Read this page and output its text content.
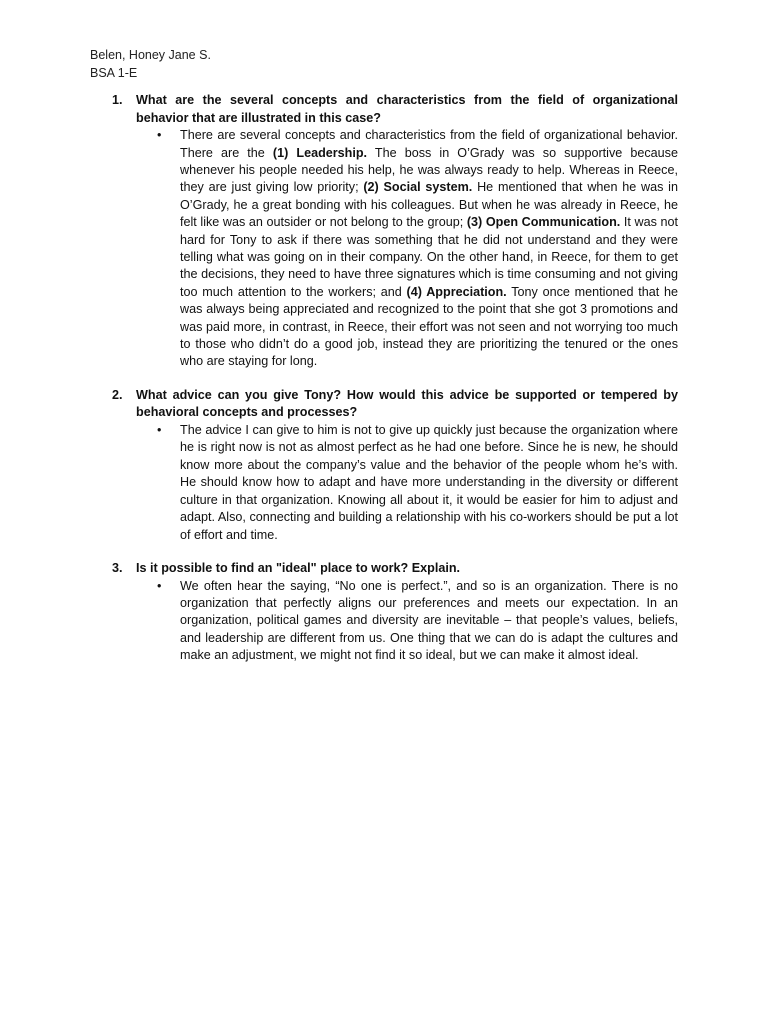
Belen, Honey Jane S.
BSA 1-E
1.	What are the several concepts and characteristics from the field of organizational behavior that are illustrated in this case?
•	There are several concepts and characteristics from the field of organizational behavior. There are the (1) Leadership. The boss in O’Grady was so supportive because whenever his people needed his help, he was always ready to help. Whereas in Reece, they are just giving low priority; (2) Social system. He mentioned that when he was in O’Grady, he a great bonding with his colleagues. But when he was already in Reece, he felt like was an outsider or not belong to the group; (3) Open Communication. It was not hard for Tony to ask if there was something that he did not understand and they were telling what was going on in their company. On the other hand, in Reece, for them to get the decisions, they need to have three signatures which is time consuming and not giving too much attention to the workers; and (4) Appreciation. Tony once mentioned that he was always being appreciated and recognized to the point that she got 3 promotions and was paid more, in contrast, in Reece, their effort was not seen and not worrying too much to those who didn’t do a good job, instead they are prioritizing the tenured or the ones who are staying for long.
2.	What advice can you give Tony? How would this advice be supported or tempered by behavioral concepts and processes?
•	The advice I can give to him is not to give up quickly just because the organization where he is right now is not as almost perfect as he had one before. Since he is new, he should know more about the company’s value and the behavior of the people whom he’s with. He should know how to adapt and have more understanding in the diversity or different culture in that organization. Knowing all about it, it would be easier for him to adjust and adapt. Also, connecting and building a relationship with his co-workers should be put a lot of effort and time.
3.	Is it possible to find an "ideal" place to work? Explain.
•	We often hear the saying, “No one is perfect.”, and so is an organization. There is no organization that perfectly aligns our preferences and meets our expectation. In an organization, political games and diversity are inevitable – that people’s values, beliefs, and leadership are different from us. One thing that we can do is adapt the cultures and make an adjustment, we might not find it so ideal, but we can make it almost ideal.
